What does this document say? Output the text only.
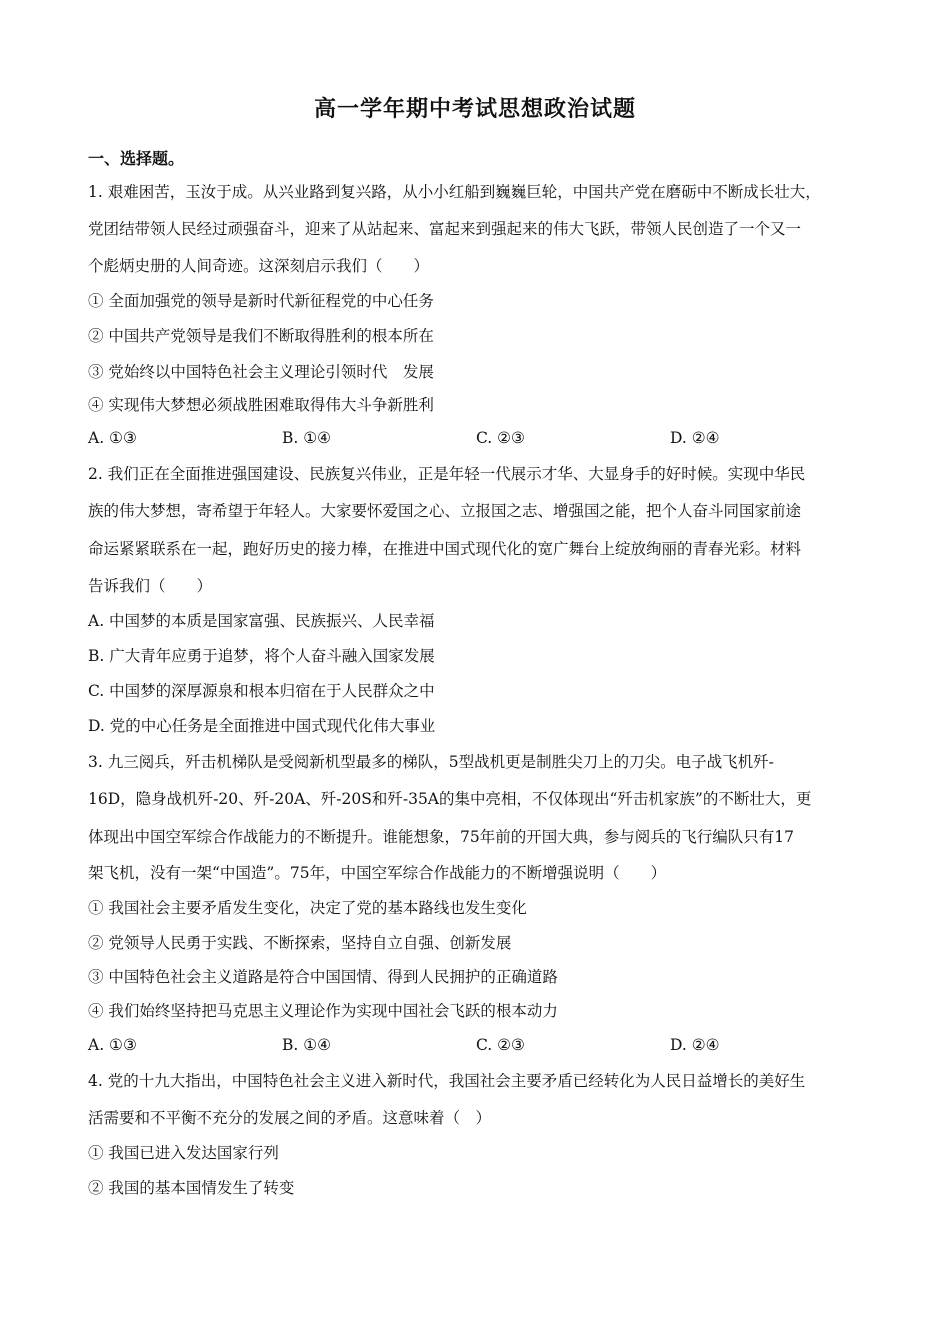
高一学年期中考试思想政治试题
一、选择题。
1. 艰难困苦，玉汝于成。从兴业路到复兴路，从小小红船到巍巍巨轮，中国共产党在磨砺中不断成长壮大，
党团结带领人民经过顽强奋斗，迎来了从站起来、富起来到强起来的伟大飞跃，带领人民创造了一个又一
个彪炳史册的人间奇迹。这深刻启示我们（　　）
① 全面加强党的领导是新时代新征程党的中心任务
② 中国共产党领导是我们不断取得胜利的根本所在
③ 党始终以中国特色社会主义理论引领时代　发展
④ 实现伟大梦想必须战胜困难取得伟大斗争新胜利
A. ①③	B. ①④	C. ②③	D. ②④
2. 我们正在全面推进强国建设、民族复兴伟业，正是年轻一代展示才华、大显身手的好时候。实现中华民
族的伟大梦想，寄希望于年轻人。大家要怀爱国之心、立报国之志、增强国之能，把个人奋斗同国家前途
命运紧紧联系在一起，跑好历史的接力棒，在推进中国式现代化的宽广舞台上绽放绚丽的青春光彩。材料
告诉我们（　　）
A. 中国梦的本质是国家富强、民族振兴、人民幸福
B. 广大青年应勇于追梦，将个人奋斗融入国家发展
C. 中国梦的深厚源泉和根本归宿在于人民群众之中
D. 党的中心任务是全面推进中国式现代化伟大事业
3. 九三阅兵，歼击机梯队是受阅新机型最多的梯队，5型战机更是制胜尖刀上的刀尖。电子战飞机歼-
16D，隐身战机歼-20、歼-20A、歼-20S和歼-35A的集中亮相，不仅体现出“歼击机家族”的不断壮大，更
体现出中国空军综合作战能力的不断提升。谁能想象，75年前的开国大典，参与阅兵的飞行编队只有17
架飞机，没有一架“中国造”。75年，中国空军综合作战能力的不断增强说明（　　）
① 我国社会主要矛盾发生变化，决定了党的基本路线也发生变化
② 党领导人民勇于实践、不断探索，坚持自立自强、创新发展
③ 中国特色社会主义道路是符合中国国情、得到人民拥护的正确道路
④ 我们始终坚持把马克思主义理论作为实现中国社会飞跃的根本动力
A. ①③	B. ①④	C. ②③	D. ②④
4. 党的十九大指出，中国特色社会主义进入新时代，我国社会主要矛盾已经转化为人民日益增长的美好生
活需要和不平衡不充分的发展之间的矛盾。这意味着（　）
① 我国已进入发达国家行列
② 我国的基本国情发生了转变
